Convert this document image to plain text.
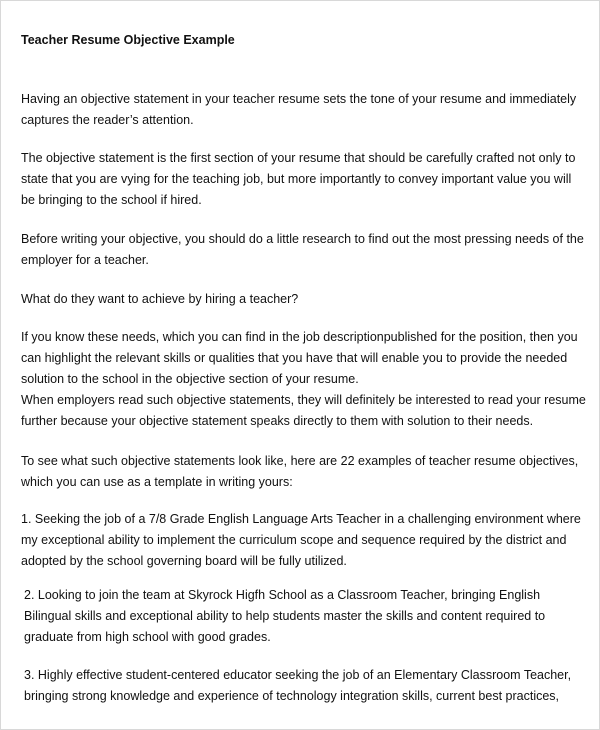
Teacher Resume Objective Example
Having an objective statement in your teacher resume sets the tone of your resume and immediately
captures the reader’s attention.
The objective statement is the first section of your resume that should be carefully crafted not only to
state that you are vying for the teaching job, but more importantly to convey important value you will
be bringing to the school if hired.
Before writing your objective, you should do a little research to find out the most pressing needs of the
employer for a teacher.
What do they want to achieve by hiring a teacher?
If you know these needs, which you can find in the job descriptionpublished for the position, then you
can highlight the relevant skills or qualities that you have that will enable you to provide the needed
solution to the school in the objective section of your resume.
When employers read such objective statements, they will definitely be interested to read your resume
further because your objective statement speaks directly to them with solution to their needs.
To see what such objective statements look like, here are 22 examples of teacher resume objectives,
which you can use as a template in writing yours:
1. Seeking the job of a 7/8 Grade English Language Arts Teacher in a challenging environment where
my exceptional ability to implement the curriculum scope and sequence required by the district and
adopted by the school governing board will be fully utilized.
2. Looking to join the team at Skyrock Higfh School as a Classroom Teacher, bringing English
Bilingual skills and exceptional ability to help students master the skills and content required to
graduate from high school with good grades.
3. Highly effective student-centered educator seeking the job of an Elementary Classroom Teacher,
bringing strong knowledge and experience of technology integration skills, current best practices,
